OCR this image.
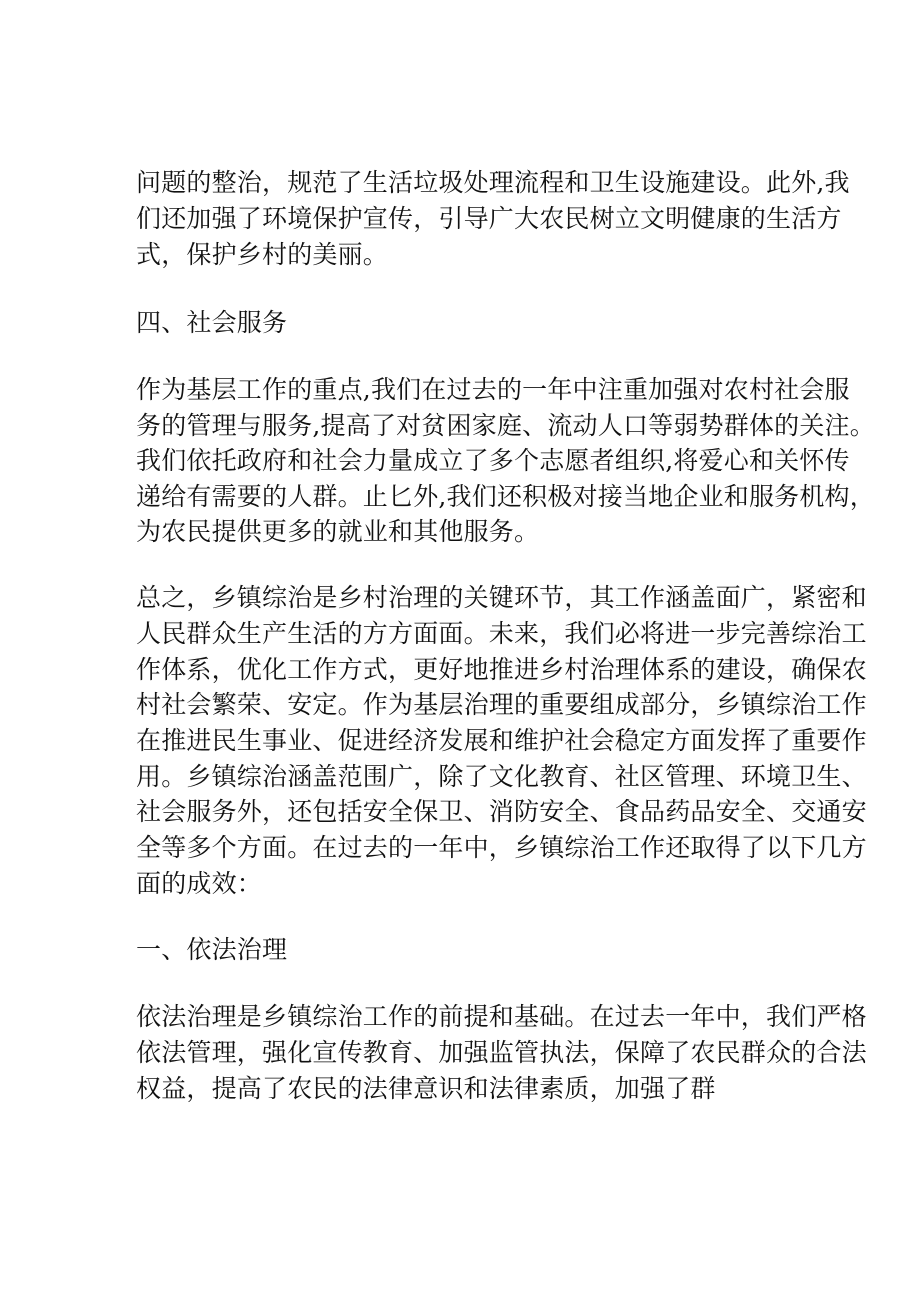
问题的整治，规范了生活垃圾处理流程和卫生设施建设。此外,我
们还加强了环境保护宣传，引导广大农民树立文明健康的生活方
式，保护乡村的美丽。
四、社会服务
作为基层工作的重点,我们在过去的一年中注重加强对农村社会服
务的管理与服务,提高了对贫困家庭、流动人口等弱势群体的关注。
我们依托政府和社会力量成立了多个志愿者组织,将爱心和关怀传
递给有需要的人群。止匕外,我们还积极对接当地企业和服务机构，
为农民提供更多的就业和其他服务。
总之，乡镇综治是乡村治理的关键环节，其工作涵盖面广，紧密和
人民群众生产生活的方方面面。未来，我们必将进一步完善综治工
作体系，优化工作方式，更好地推进乡村治理体系的建设，确保农
村社会繁荣、安定。作为基层治理的重要组成部分，乡镇综治工作
在推进民生事业、促进经济发展和维护社会稳定方面发挥了重要作
用。乡镇综治涵盖范围广，除了文化教育、社区管理、环境卫生、
社会服务外，还包括安全保卫、消防安全、食品药品安全、交通安
全等多个方面。在过去的一年中，乡镇综治工作还取得了以下几方
面的成效：
一、依法治理
依法治理是乡镇综治工作的前提和基础。在过去一年中，我们严格
依法管理，强化宣传教育、加强监管执法，保障了农民群众的合法
权益，提高了农民的法律意识和法律素质，加强了群
